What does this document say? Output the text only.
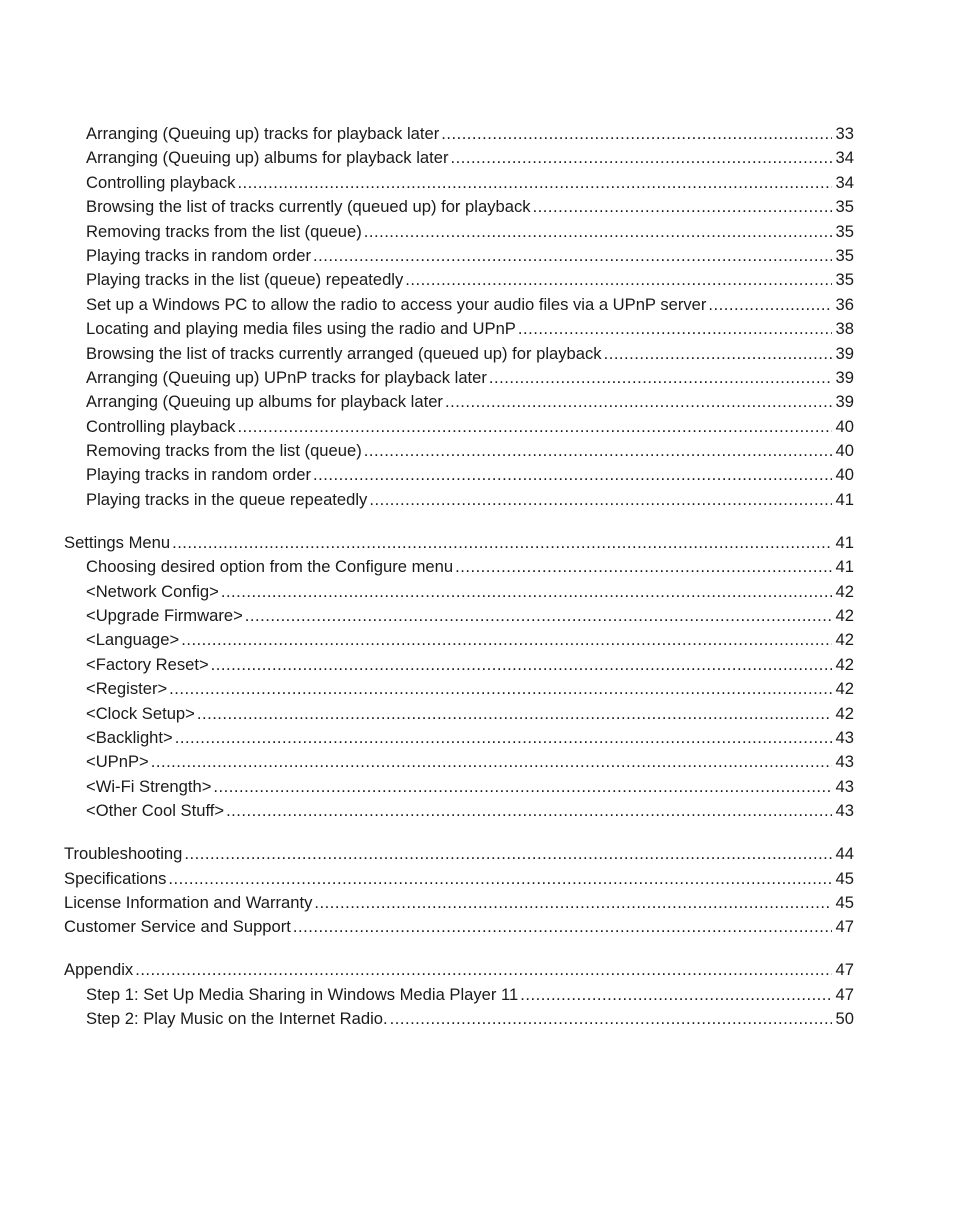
Arranging (Queuing up) tracks for playback later .....	33
Arranging (Queuing up) albums for playback later .....	34
Controlling playback .....	34
Browsing the list of tracks currently (queued up) for playback .....	35
Removing tracks from the list (queue) .....	35
Playing tracks in random order .....	35
Playing tracks in the list (queue) repeatedly .....	35
Set up a Windows PC to allow the radio to access your audio files via a UPnP server .....	36
Locating and playing media files using the radio and UPnP .....	38
Browsing the list of tracks currently arranged (queued up) for playback .....	39
Arranging (Queuing up) UPnP tracks for playback later .....	39
Arranging (Queuing up albums for playback later .....	39
Controlling playback .....	40
Removing tracks from the list (queue) .....	40
Playing tracks in random order .....	40
Playing tracks in the queue repeatedly .....	41
Settings Menu .....	41
Choosing desired option from the Configure menu .....	41
<Network Config> .....	42
<Upgrade Firmware> .....	42
<Language> .....	42
<Factory Reset> .....	42
<Register> .....	42
<Clock Setup> .....	42
<Backlight> .....	43
<UPnP> .....	43
<Wi-Fi Strength> .....	43
<Other Cool Stuff> .....	43
Troubleshooting .....	44
Specifications .....	45
License Information and Warranty .....	45
Customer Service and Support .....	47
Appendix .....	47
Step 1: Set Up Media Sharing in Windows Media Player 11 .....	47
Step 2: Play Music on the Internet Radio. .....	50
